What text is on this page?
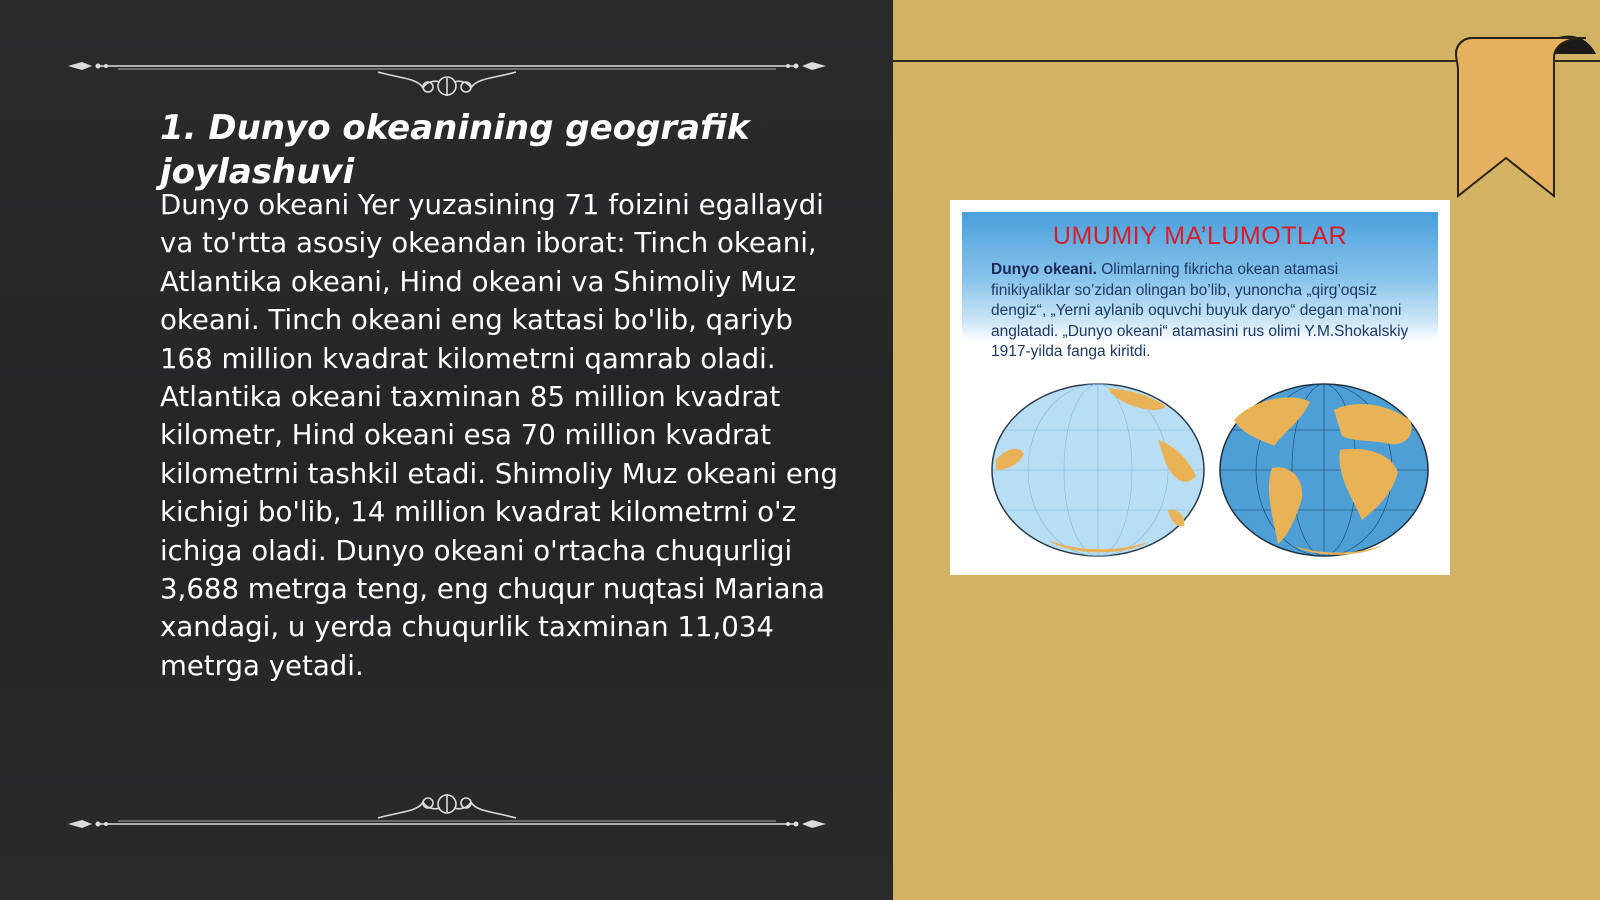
1. Dunyo okeanining geografik joylashuvi

Dunyo okeani Yer yuzasining 71 foizini egallaydi va to'rtta asosiy okeandan iborat: Tinch okeani, Atlantika okeani, Hind okeani va Shimoliy Muz okeani. Tinch okeani eng kattasi bo'lib, qariyb 168 million kvadrat kilometrni qamrab oladi. Atlantika okeani taxminan 85 million kvadrat kilometr, Hind okeani esa 70 million kvadrat kilometrni tashkil etadi. Shimoliy Muz okeani eng kichigi bo'lib, 14 million kvadrat kilometrni o'z ichiga oladi. Dunyo okeani o'rtacha chuqurligi 3,688 metrga teng, eng chuqur nuqtasi Mariana xandagi, u yerda chuqurlik taxminan 11,034 metrga yetadi.

UMUMIY MA’LUMOTLAR

Dunyo okeani. Olimlarning fikricha okean atamasi finikiyaliklar so’zidan olingan bo’lib, yunoncha „qirg’oqsiz dengiz“, „Yerni aylanib oquvchi buyuk daryo“ degan ma’noni anglatadi. „Dunyo okeani“ atamasini rus olimi Y.M.Shokalskiy 1917-yilda fanga kiritdi.
